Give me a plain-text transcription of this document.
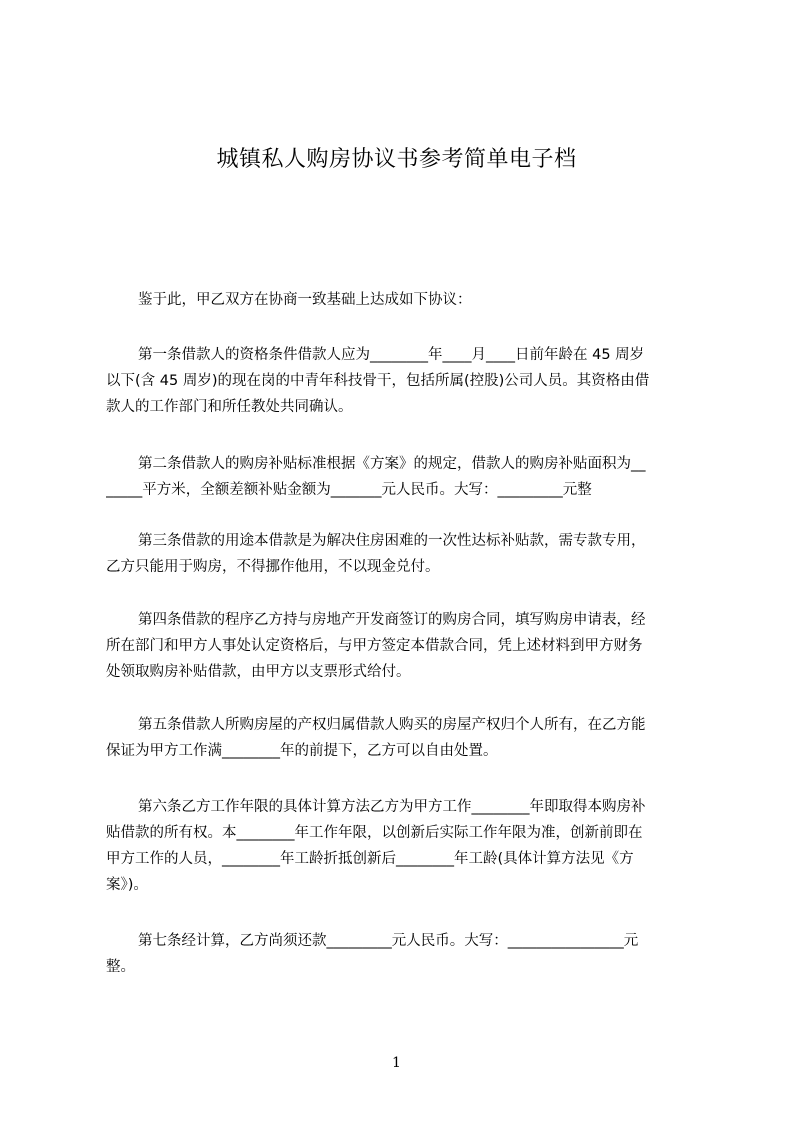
城镇私人购房协议书参考简单电子档
鉴于此，甲乙双方在协商一致基础上达成如下协议：
第一条借款人的资格条件借款人应为________年____月____日前年龄在 45 周岁
以下(含 45 周岁)的现在岗的中青年科技骨干，包括所属(控股)公司人员。其资格由借
款人的工作部门和所任教处共同确认。
第二条借款人的购房补贴标准根据《方案》的规定，借款人的购房补贴面积为__
_____平方米，全额差额补贴金额为_______元人民币。大写：_________元整
第三条借款的用途本借款是为解决住房困难的一次性达标补贴款，需专款专用，
乙方只能用于购房，不得挪作他用，不以现金兑付。
第四条借款的程序乙方持与房地产开发商签订的购房合同，填写购房申请表，经
所在部门和甲方人事处认定资格后，与甲方签定本借款合同，凭上述材料到甲方财务
处领取购房补贴借款，由甲方以支票形式给付。
第五条借款人所购房屋的产权归属借款人购买的房屋产权归个人所有，在乙方能
保证为甲方工作满________年的前提下，乙方可以自由处置。
第六条乙方工作年限的具体计算方法乙方为甲方工作________年即取得本购房补
贴借款的所有权。本________年工作年限，以创新后实际工作年限为准，创新前即在
甲方工作的人员，________年工龄折抵创新后________年工龄(具体计算方法见《方
案》)。
第七条经计算，乙方尚须还款_________元人民币。大写：________________元
整。
1
